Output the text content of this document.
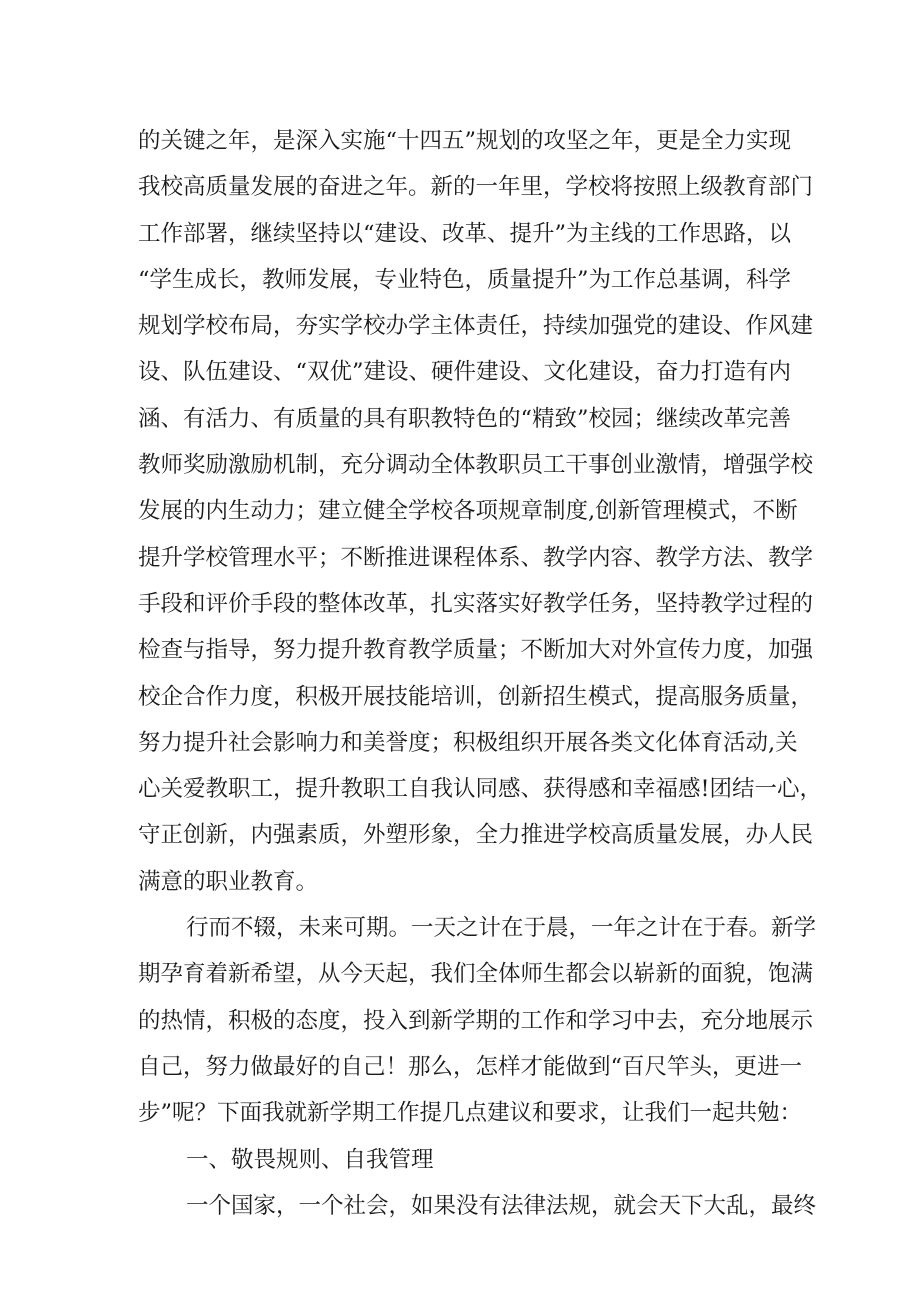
的关键之年，是深入实施“十四五”规划的攻坚之年，更是全力实现
我校高质量发展的奋进之年。新的一年里，学校将按照上级教育部门
工作部署，继续坚持以“建设、改革、提升”为主线的工作思路，以
“学生成长，教师发展，专业特色，质量提升”为工作总基调，科学
规划学校布局，夯实学校办学主体责任，持续加强党的建设、作风建
设、队伍建设、“双优”建设、硬件建设、文化建设，奋力打造有内
涵、有活力、有质量的具有职教特色的“精致”校园；继续改革完善
教师奖励激励机制，充分调动全体教职员工干事创业激情，增强学校
发展的内生动力；建立健全学校各项规章制度,创新管理模式，不断
提升学校管理水平；不断推进课程体系、教学内容、教学方法、教学
手段和评价手段的整体改革，扎实落实好教学任务，坚持教学过程的
检查与指导，努力提升教育教学质量；不断加大对外宣传力度，加强
校企合作力度，积极开展技能培训，创新招生模式，提高服务质量，
努力提升社会影响力和美誉度；积极组织开展各类文化体育活动,关
心关爱教职工，提升教职工自我认同感、获得感和幸福感!团结一心，
守正创新，内强素质，外塑形象，全力推进学校高质量发展，办人民
满意的职业教育。
行而不辍，未来可期。一天之计在于晨，一年之计在于春。新学
期孕育着新希望，从今天起，我们全体师生都会以崭新的面貌，饱满
的热情，积极的态度，投入到新学期的工作和学习中去，充分地展示
自己，努力做最好的自己！那么，怎样才能做到“百尺竿头，更进一
步”呢？下面我就新学期工作提几点建议和要求，让我们一起共勉：
一、敬畏规则、自我管理
一个国家，一个社会，如果没有法律法规，就会天下大乱，最终
